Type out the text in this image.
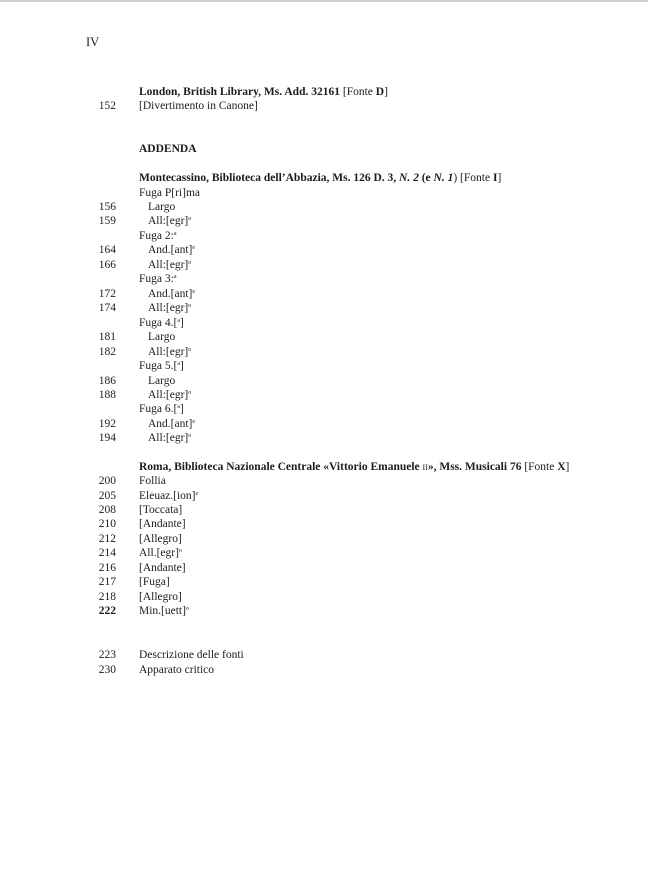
IV
London, British Library, Ms. Add. 32161 [Fonte D]
152 [Divertimento in Canone]
ADDENDA
Montecassino, Biblioteca dell’Abbazia, Ms. 126 D. 3, N. 2 (e N. 1) [Fonte I]
Fuga P[ri]ma
156	Largo
159	All:[egr]$^o$
Fuga 2:$^a$
164	And.[ant]$^e$
166	All:[egr]$^o$
Fuga 3:$^a$
172	And.[ant]$^e$
174	All:[egr]$^o$
Fuga 4.[$^a$]
181	Largo
182	All:[egr]$^o$
Fuga 5.[$^a$]
186	Largo
188	All:[egr]$^o$
Fuga 6.[$^a$]
192	And.[ant]$^e$
194	All:[egr]$^o$
Roma, Biblioteca Nazionale Centrale «Vittorio Emanuele ii», Mss. Musicali 76 [Fonte X]
200 Follia
205 Eleuaz.[ion]$^e$
208 [Toccata]
210 [Andante]
212 [Allegro]
214 All.[egr]$^o$
216 [Andante]
217 [Fuga]
218 [Allegro]
222 Min.[uett]$^o$
223 Descrizione delle fonti
230 Apparato critico
